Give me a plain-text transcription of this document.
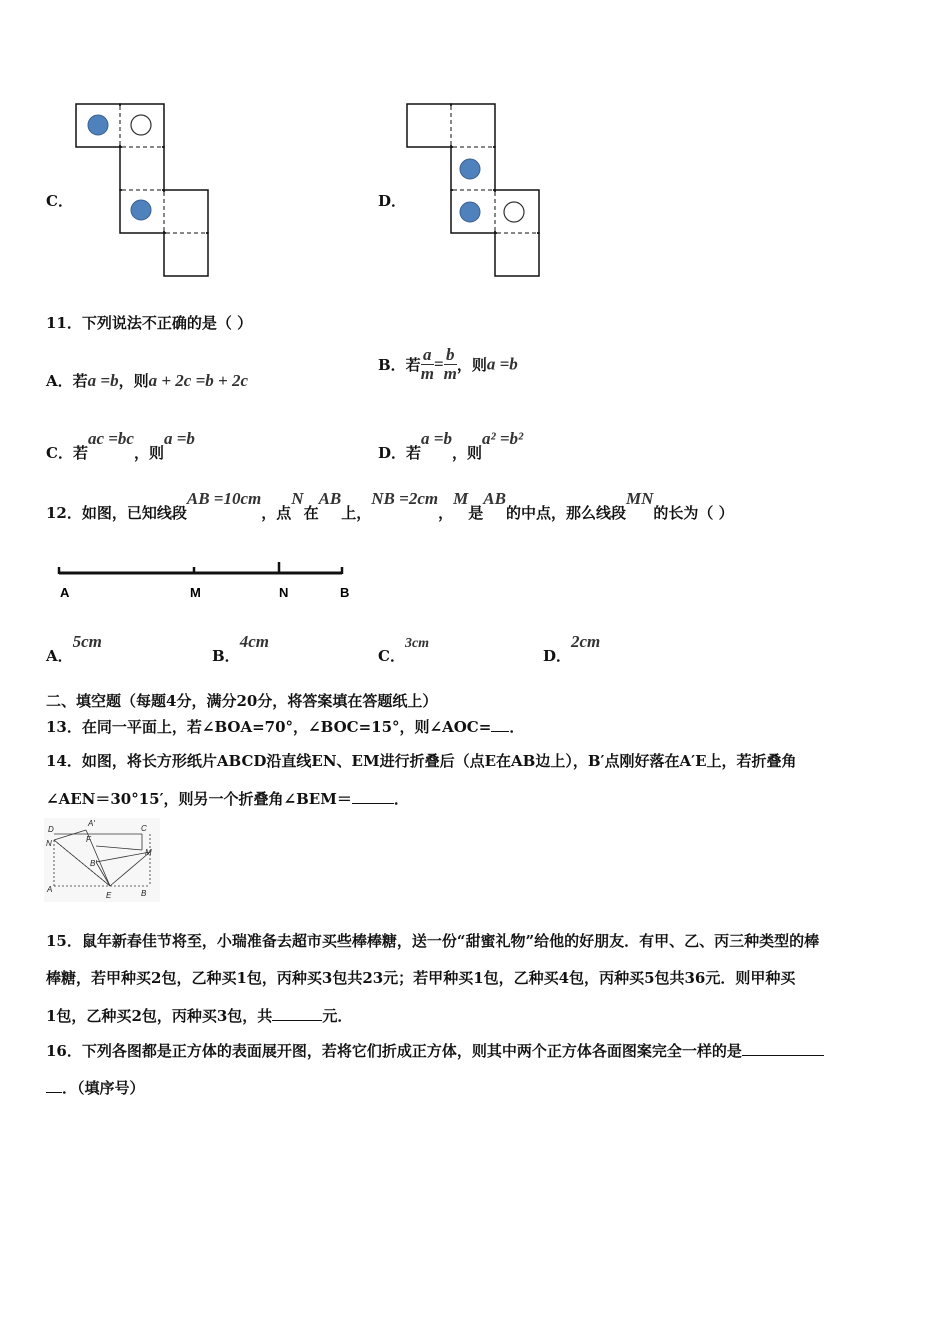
C．	D．
11．下列说法不正确的是（ ）
A．若a =b，则a + 2c =b + 2c
B．若 $\frac{a}{m} = \frac{b}{m}$ ，则a =b
C．若ac =bc，则a =b
D．若a =b，则a² =b²
12．如图，已知线段AB =10cm，点N在AB上，NB =2cm，M是AB的中点，那么线段MN的长为（ ）
A	M	N	B
A．5cm
B．4cm
C．3cm
D．2cm
二、填空题（每题4分，满分20分，将答案填在答题纸上）
13．在同一平面上，若∠BOA=70°，∠BOC=15°，则∠AOC= ．
14．如图，将长方形纸片ABCD沿直线EN、EM进行折叠后（点E在AB边上），B′点刚好落在A′E上，若折叠角
∠AEN＝30°15′，则另一个折叠角∠BEM＝	．
D
A′
C
N	F
M
B′
A
E	B
15．鼠年新春佳节将至，小瑞准备去超市买些棒棒糖，送一份“甜蜜礼物”给他的好朋友．有甲、乙、丙三种类型的棒
棒糖，若甲种买2包，乙种买1包，丙种买3包共23元；若甲种买1包，乙种买4包，丙种买5包共36元．则甲种买
1包，乙种买2包，丙种买3包，共	元．
16．下列各图都是正方体的表面展开图，若将它们折成正方体，则其中两个正方体各面图案完全一样的是
．（填序号）
